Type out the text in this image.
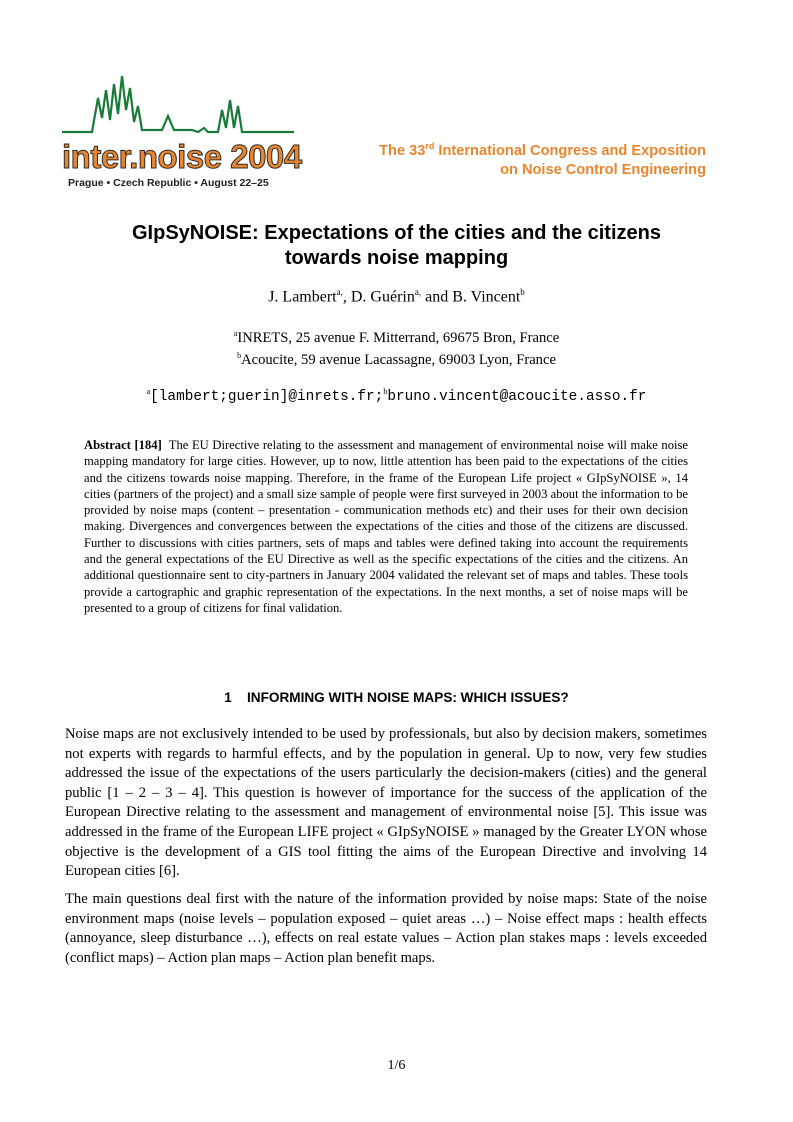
inter.noise 2004
Prague • Czech Republic • August 22–25
The 33rd International Congress and Exposition
on Noise Control Engineering
GIpSyNOISE: Expectations of the cities and the citizens
towards noise mapping
J. Lambert$^{a,}$, D. Guérin$^{a,}$ and B. Vincent$^b$
$^a$INRETS, 25 avenue F. Mitterrand, 69675 Bron, France
$^b$Acoucite, 59 avenue Lacassagne, 69003 Lyon, France
$^a$[lambert;guerin]@inrets.fr;$^b$bruno.vincent@acoucite.asso.fr
Abstract [184] The EU Directive relating to the assessment and management of environmental noise will make noise mapping mandatory for large cities. However, up to now, little attention has been paid to the expectations of the cities and the citizens towards noise mapping. Therefore, in the frame of the European Life project « GIpSyNOISE », 14 cities (partners of the project) and a small size sample of people were first surveyed in 2003 about the information to be provided by noise maps (content – presentation - communication methods etc) and their uses for their own decision making. Divergences and convergences between the expectations of the cities and those of the citizens are discussed. Further to discussions with cities partners, sets of maps and tables were defined taking into account the requirements and the general expectations of the EU Directive as well as the specific expectations of the cities and the citizens. An additional questionnaire sent to city-partners in January 2004 validated the relevant set of maps and tables. These tools provide a cartographic and graphic representation of the expectations. In the next months, a set of noise maps will be presented to a group of citizens for final validation.
1 INFORMING WITH NOISE MAPS: WHICH ISSUES?
Noise maps are not exclusively intended to be used by professionals, but also by decision makers, sometimes not experts with regards to harmful effects, and by the population in general. Up to now, very few studies addressed the issue of the expectations of the users particularly the decision-makers (cities) and the general public [1 – 2 – 3 – 4]. This question is however of importance for the success of the application of the European Directive relating to the assessment and management of environmental noise [5]. This issue was addressed in the frame of the European LIFE project « GIpSyNOISE » managed by the Greater LYON whose objective is the development of a GIS tool fitting the aims of the European Directive and involving 14 European cities [6].
The main questions deal first with the nature of the information provided by noise maps: State of the noise environment maps (noise levels – population exposed – quiet areas …) – Noise effect maps : health effects (annoyance, sleep disturbance …), effects on real estate values – Action plan stakes maps : levels exceeded (conflict maps) – Action plan maps – Action plan benefit maps.
1/6
